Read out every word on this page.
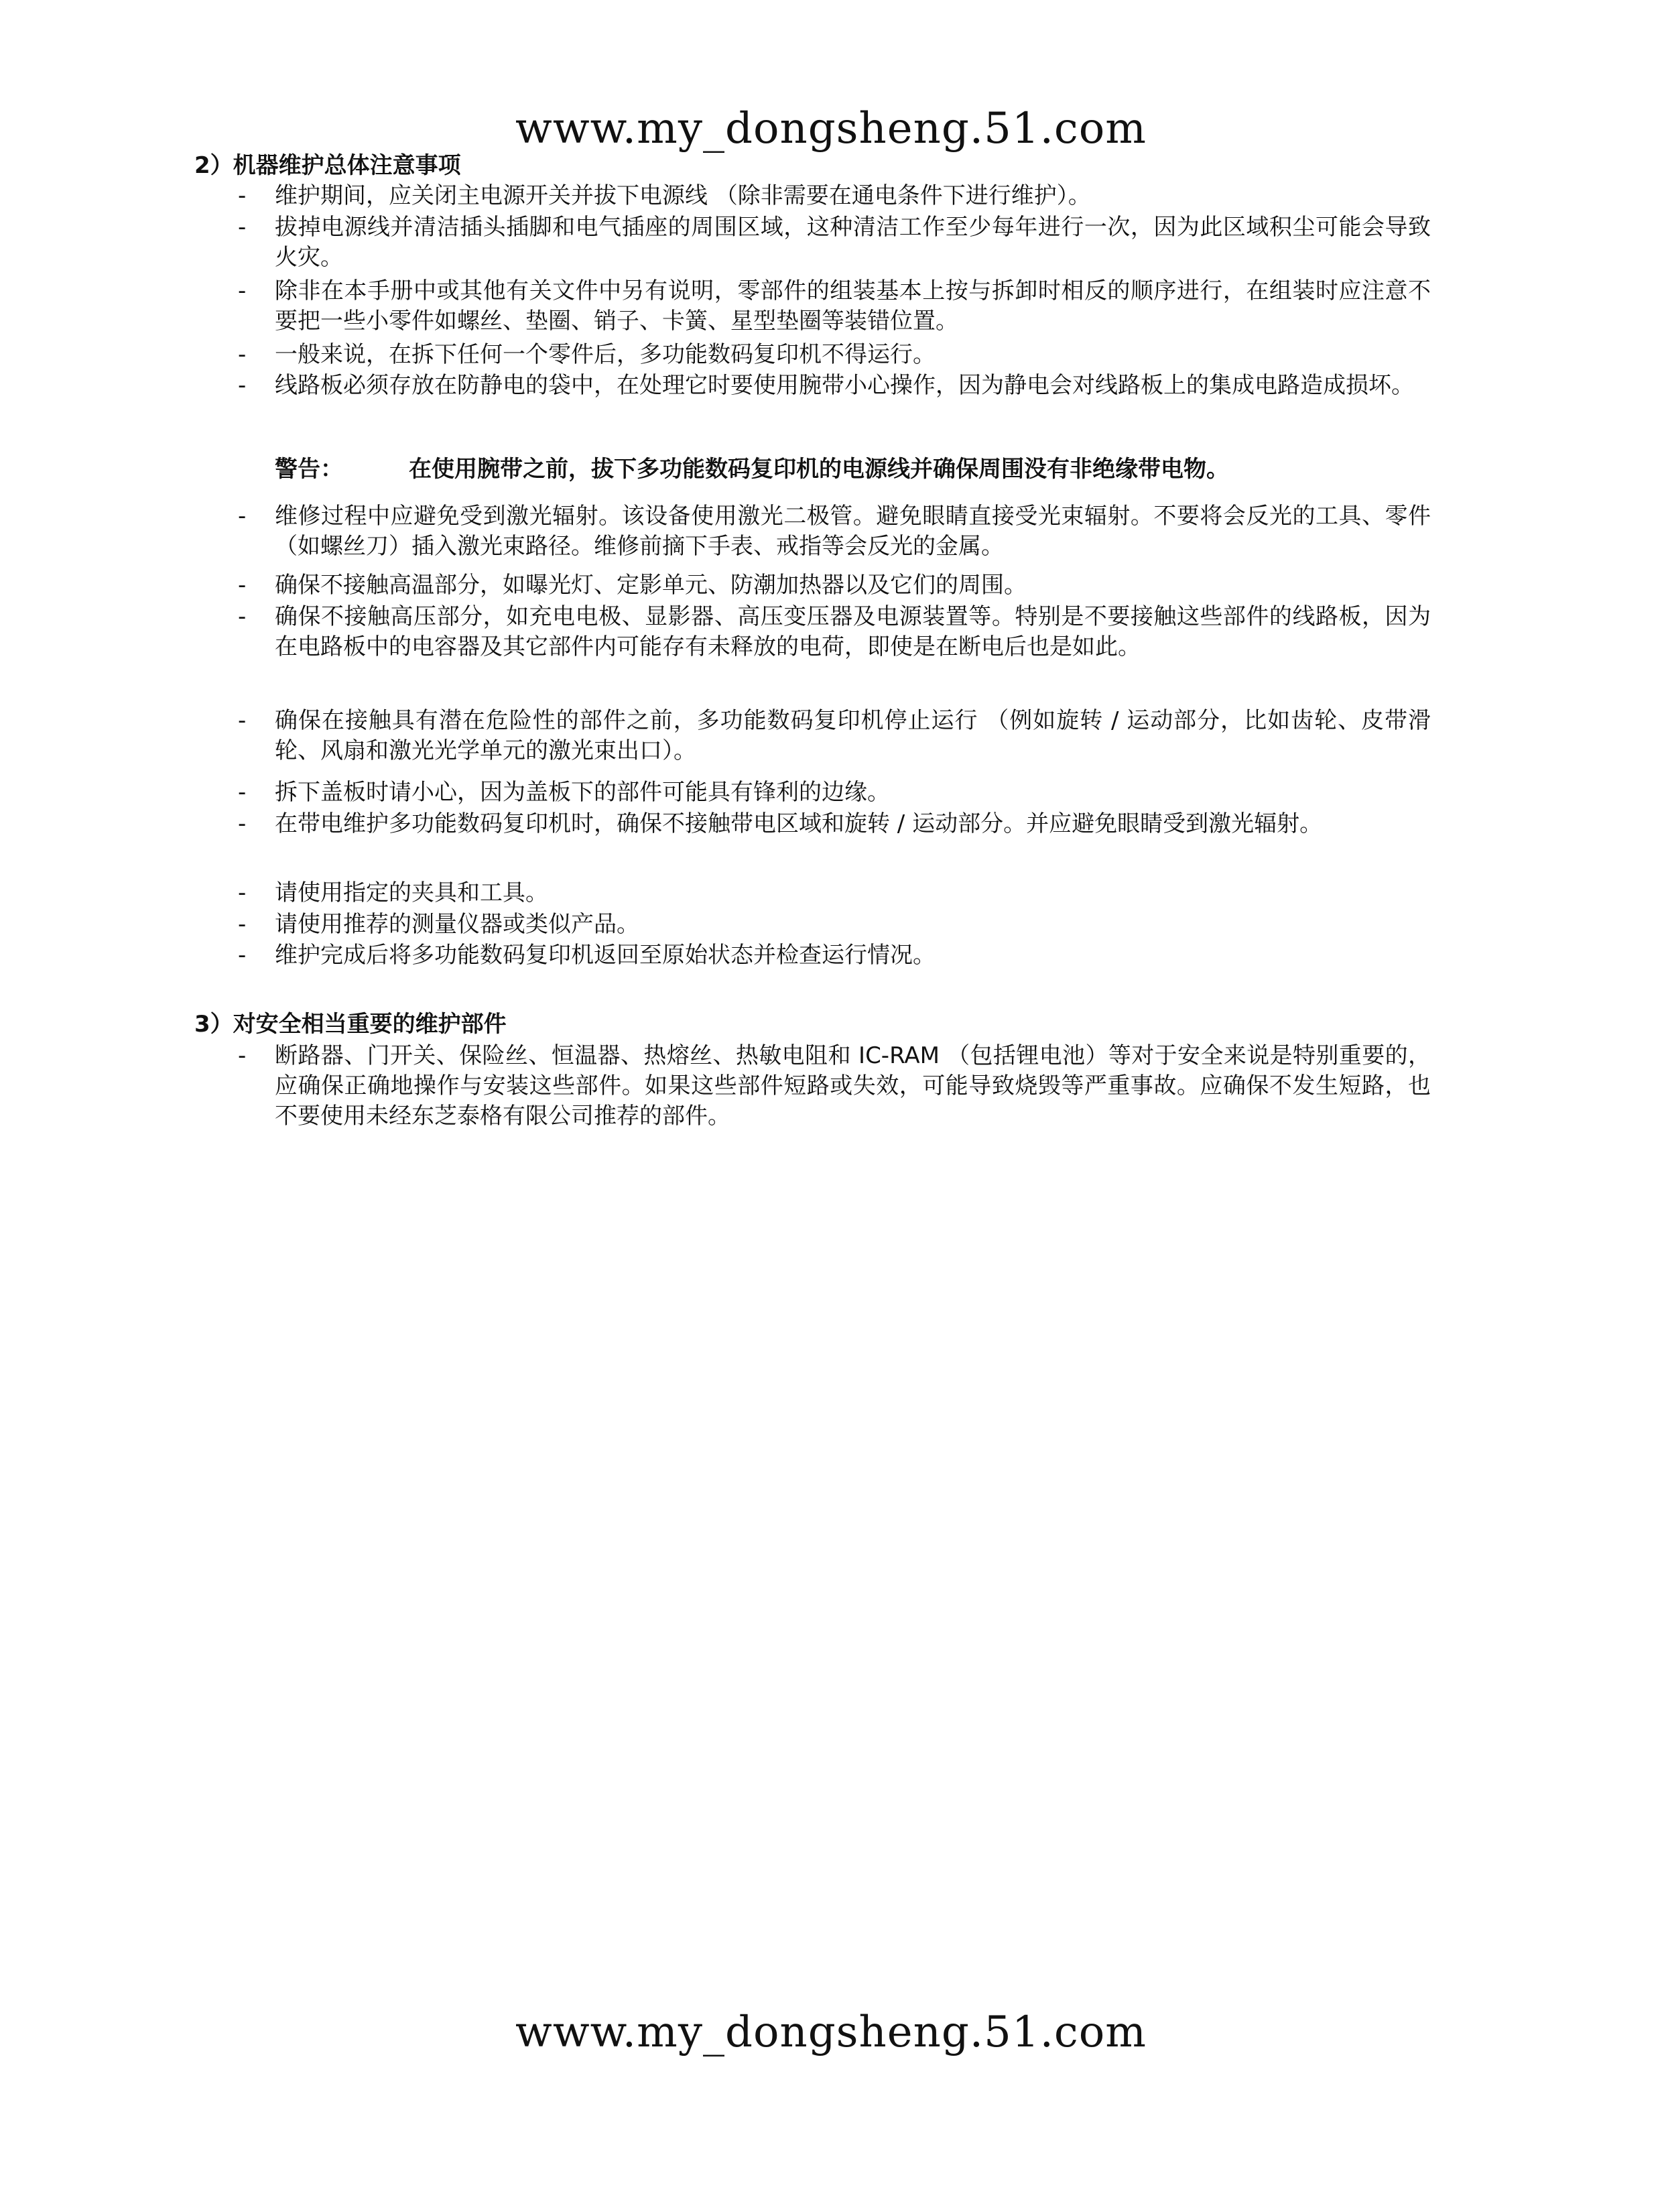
www.my_dongsheng.51.com
2）机器维护总体注意事项
- 维护期间，应关闭主电源开关并拔下电源线 （除非需要在通电条件下进行维护）。
- 拔掉电源线并清洁插头插脚和电气插座的周围区域，这种清洁工作至少每年进行一次，因为此区域积尘可能会导致火灾。
- 除非在本手册中或其他有关文件中另有说明，零部件的组装基本上按与拆卸时相反的顺序进行，在组装时应注意不要把一些小零件如螺丝、垫圈、销子、卡簧、星型垫圈等装错位置。
- 一般来说，在拆下任何一个零件后，多功能数码复印机不得运行。
- 线路板必须存放在防静电的袋中，在处理它时要使用腕带小心操作，因为静电会对线路板上的集成电路造成损坏。
警告：	在使用腕带之前，拔下多功能数码复印机的电源线并确保周围没有非绝缘带电物。
- 维修过程中应避免受到激光辐射。该设备使用激光二极管。避免眼睛直接受光束辐射。不要将会反光的工具、零件 （如螺丝刀）插入激光束路径。维修前摘下手表、戒指等会反光的金属。
- 确保不接触高温部分，如曝光灯、定影单元、防潮加热器以及它们的周围。
- 确保不接触高压部分，如充电电极、显影器、高压变压器及电源装置等。特别是不要接触这些部件的线路板，因为在电路板中的电容器及其它部件内可能存有未释放的电荷，即使是在断电后也是如此。
- 确保在接触具有潜在危险性的部件之前，多功能数码复印机停止运行 （例如旋转 / 运动部分，比如齿轮、皮带滑轮、风扇和激光光学单元的激光束出口）。
- 拆下盖板时请小心，因为盖板下的部件可能具有锋利的边缘。
- 在带电维护多功能数码复印机时，确保不接触带电区域和旋转 / 运动部分。并应避免眼睛受到激光辐射。
- 请使用指定的夹具和工具。
- 请使用推荐的测量仪器或类似产品。
- 维护完成后将多功能数码复印机返回至原始状态并检查运行情况。
3）对安全相当重要的维护部件
- 断路器、门开关、保险丝、恒温器、热熔丝、热敏电阻和 IC-RAM （包括锂电池）等对于安全来说是特别重要的，应确保正确地操作与安装这些部件。如果这些部件短路或失效，可能导致烧毁等严重事故。应确保不发生短路，也不要使用未经东芝泰格有限公司推荐的部件。
www.my_dongsheng.51.com
